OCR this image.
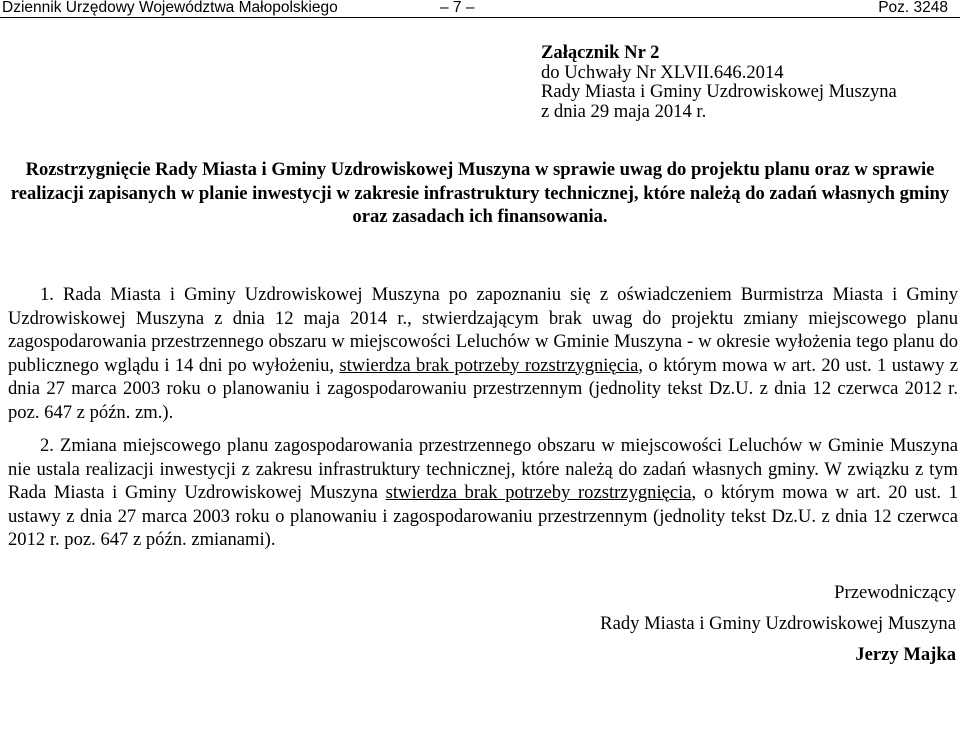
Dziennik Urzędowy Województwa Małopolskiego	– 7 –	Poz. 3248
Załącznik Nr 2
do Uchwały Nr XLVII.646.2014
Rady Miasta i Gminy Uzdrowiskowej Muszyna
z dnia 29 maja 2014 r.
Rozstrzygnięcie Rady Miasta i Gminy Uzdrowiskowej Muszyna w sprawie uwag do projektu planu oraz w sprawie realizacji zapisanych w planie inwestycji w zakresie infrastruktury technicznej, które należą do zadań własnych gminy oraz zasadach ich finansowania.
1. Rada Miasta i Gminy Uzdrowiskowej Muszyna po zapoznaniu się z oświadczeniem Burmistrza Miasta i Gminy Uzdrowiskowej Muszyna z dnia 12 maja 2014 r., stwierdzającym brak uwag do projektu zmiany miejscowego planu zagospodarowania przestrzennego obszaru w miejscowości Leluchów w Gminie Muszyna - w okresie wyłożenia tego planu do publicznego wglądu i 14 dni po wyłożeniu, stwierdza brak potrzeby rozstrzygnięcia, o którym mowa w art. 20 ust. 1 ustawy z dnia 27 marca 2003 roku o planowaniu i zagospodarowaniu przestrzennym (jednolity tekst Dz.U. z dnia 12 czerwca 2012 r. poz. 647 z późn. zm.).
2. Zmiana miejscowego planu zagospodarowania przestrzennego obszaru w miejscowości Leluchów w Gminie Muszyna nie ustala realizacji inwestycji z zakresu infrastruktury technicznej, które należą do zadań własnych gminy. W związku z tym Rada Miasta i Gminy Uzdrowiskowej Muszyna stwierdza brak potrzeby rozstrzygnięcia, o którym mowa w art. 20 ust. 1 ustawy z dnia 27 marca 2003 roku o planowaniu i zagospodarowaniu przestrzennym (jednolity tekst Dz.U. z dnia 12 czerwca 2012 r. poz. 647 z późn. zmianami).
Przewodniczący
Rady Miasta i Gminy Uzdrowiskowej Muszyna
Jerzy Majka
